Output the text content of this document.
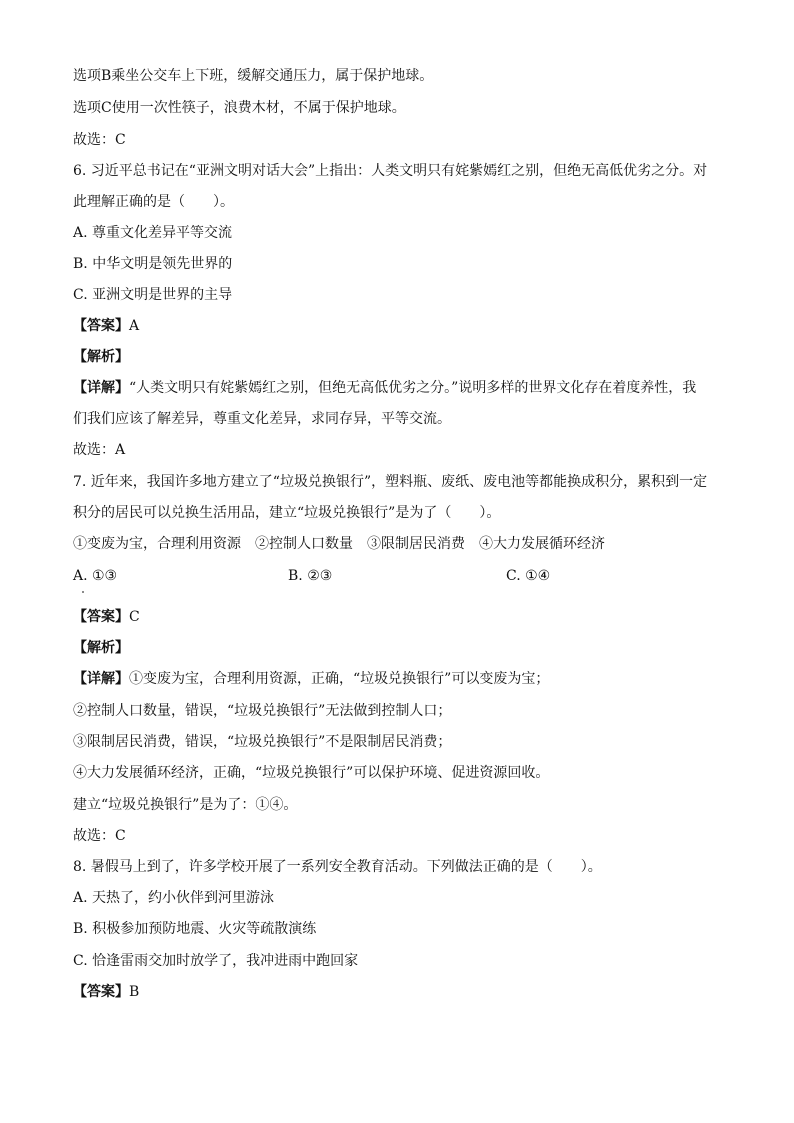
选项B乘坐公交车上下班，缓解交通压力，属于保护地球。
选项C使用一次性筷子，浪费木材，不属于保护地球。
故选：C
6. 习近平总书记在“亚洲文明对话大会”上指出：人类文明只有姹紫嫣红之别，但绝无高低优劣之分。对
此理解正确的是（　　）。
A. 尊重文化差异平等交流
B. 中华文明是领先世界的
C. 亚洲文明是世界的主导
【答案】A
【解析】
【详解】“人类文明只有姹紫嫣红之别，但绝无高低优劣之分。”说明多样的世界文化存在着度养性，我
们我们应该了解差异，尊重文化差异，求同存异，平等交流。
故选：A
7. 近年来，我国许多地方建立了“垃圾兑换银行”，塑料瓶、废纸、废电池等都能换成积分，累积到一定
积分的居民可以兑换生活用品，建立“垃圾兑换银行”是为了（　　）。
①变废为宝，合理利用资源　②控制人口数量　③限制居民消费　④大力发展循环经济
A. ①③	B. ②③	C. ①④
【答案】C
【解析】
【详解】①变废为宝，合理利用资源，正确，“垃圾兑换银行”可以变废为宝；
②控制人口数量，错误，“垃圾兑换银行”无法做到控制人口；
③限制居民消费，错误，“垃圾兑换银行”不是限制居民消费；
④大力发展循环经济，正确，“垃圾兑换银行”可以保护环境、促进资源回收。
建立“垃圾兑换银行”是为了：①④。
故选：C
8. 暑假马上到了，许多学校开展了一系列安全教育活动。下列做法正确的是（　　）。
A. 天热了，约小伙伴到河里游泳
B. 积极参加预防地震、火灾等疏散演练
C. 恰逢雷雨交加时放学了，我冲进雨中跑回家
【答案】B
